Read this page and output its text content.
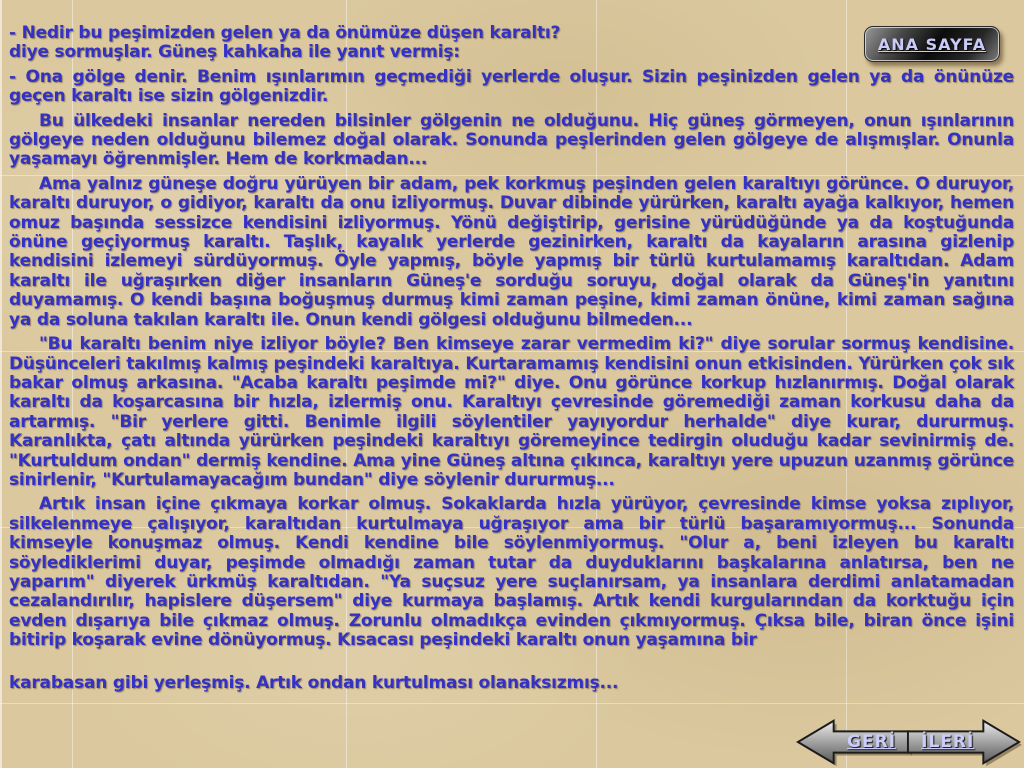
- Nedir bu peşimizden gelen ya da önümüze düşen karaltı?

diye sormuşlar. Güneş kahkaha ile yanıt vermiş:

- Ona gölge denir. Benim ışınlarımın geçmediği yerlerde oluşur. Sizin peşinizden gelen ya da önünüze geçen karaltı ise sizin gölgenizdir.

Bu ülkedeki insanlar nereden bilsinler gölgenin ne olduğunu. Hiç güneş görmeyen, onun ışınlarının gölgeye neden olduğunu bilemez doğal olarak. Sonunda peşlerinden gelen gölgeye de alışmışlar. Onunla yaşamayı öğrenmişler. Hem de korkmadan...

Ama yalnız güneşe doğru yürüyen bir adam, pek korkmuş peşinden gelen karaltıyı görünce. O duruyor, karaltı duruyor, o gidiyor, karaltı da onu izliyormuş. Duvar dibinde yürürken, karaltı ayağa kalkıyor, hemen omuz başında sessizce kendisini izliyormuş. Yönü değiştirip, gerisine yürüdüğünde ya da koştuğunda önüne geçiyormuş karaltı. Taşlık, kayalık yerlerde gezinirken, karaltı da kayaların arasına gizlenip kendisini izlemeyi sürdüyormuş. Öyle yapmış, böyle yapmış bir türlü kurtulamamış karaltıdan. Adam karaltı ile uğraşırken diğer insanların Güneş'e sorduğu soruyu, doğal olarak da Güneş'in yanıtını duyamamış. O kendi başına boğuşmuş durmuş kimi zaman peşine, kimi zaman önüne, kimi zaman sağına ya da soluna takılan karaltı ile. Onun kendi gölgesi olduğunu bilmeden...

"Bu karaltı benim niye izliyor böyle? Ben kimseye zarar vermedim ki?" diye sorular sormuş kendisine. Düşünceleri takılmış kalmış peşindeki karaltıya. Kurtaramamış kendisini onun etkisinden. Yürürken çok sık bakar olmuş arkasına. "Acaba karaltı peşimde mi?" diye. Onu görünce korkup hızlanırmış. Doğal olarak karaltı da koşarcasına bir hızla, izlermiş onu. Karaltıyı çevresinde göremediği zaman korkusu daha da artarmış. "Bir yerlere gitti. Benimle ilgili söylentiler yayıyordur herhalde" diye kurar, dururmuş. Karanlıkta, çatı altında yürürken peşindeki karaltıyı göremeyince tedirgin oluduğu kadar sevinirmiş de. "Kurtuldum ondan" dermiş kendine. Ama yine Güneş altına çıkınca, karaltıyı yere upuzun uzanmış görünce sinirlenir, "Kurtulamayacağım bundan" diye söylenir dururmuş...

Artık insan içine çıkmaya korkar olmuş. Sokaklarda hızla yürüyor, çevresinde kimse yoksa zıplıyor, silkelenmeye çalışıyor, karaltıdan kurtulmaya uğraşıyor ama bir türlü başaramıyormuş... Sonunda kimseyle konuşmaz olmuş. Kendi kendine bile söylenmiyormuş. "Olur a, beni izleyen bu karaltı söylediklerimi duyar, peşimde olmadığı zaman tutar da duyduklarını başkalarına anlatırsa, ben ne yaparım" diyerek ürkmüş karaltıdan. "Ya suçsuz yere suçlanırsam, ya insanlara derdimi anlatamadan cezalandırılır, hapislere düşersem" diye kurmaya başlamış. Artık kendi kurgularından da korktuğu için evden dışarıya bile çıkmaz olmuş. Zorunlu olmadıkça evinden çıkmıyormuş. Çıksa bile, biran önce işini bitirip koşarak evine dönüyormuş. Kısacası peşindeki karaltı onun yaşamına bir

karabasan gibi yerleşmiş. Artık ondan kurtulması olanaksızmış...

ANA SAYFA
GERİ İLERİ
